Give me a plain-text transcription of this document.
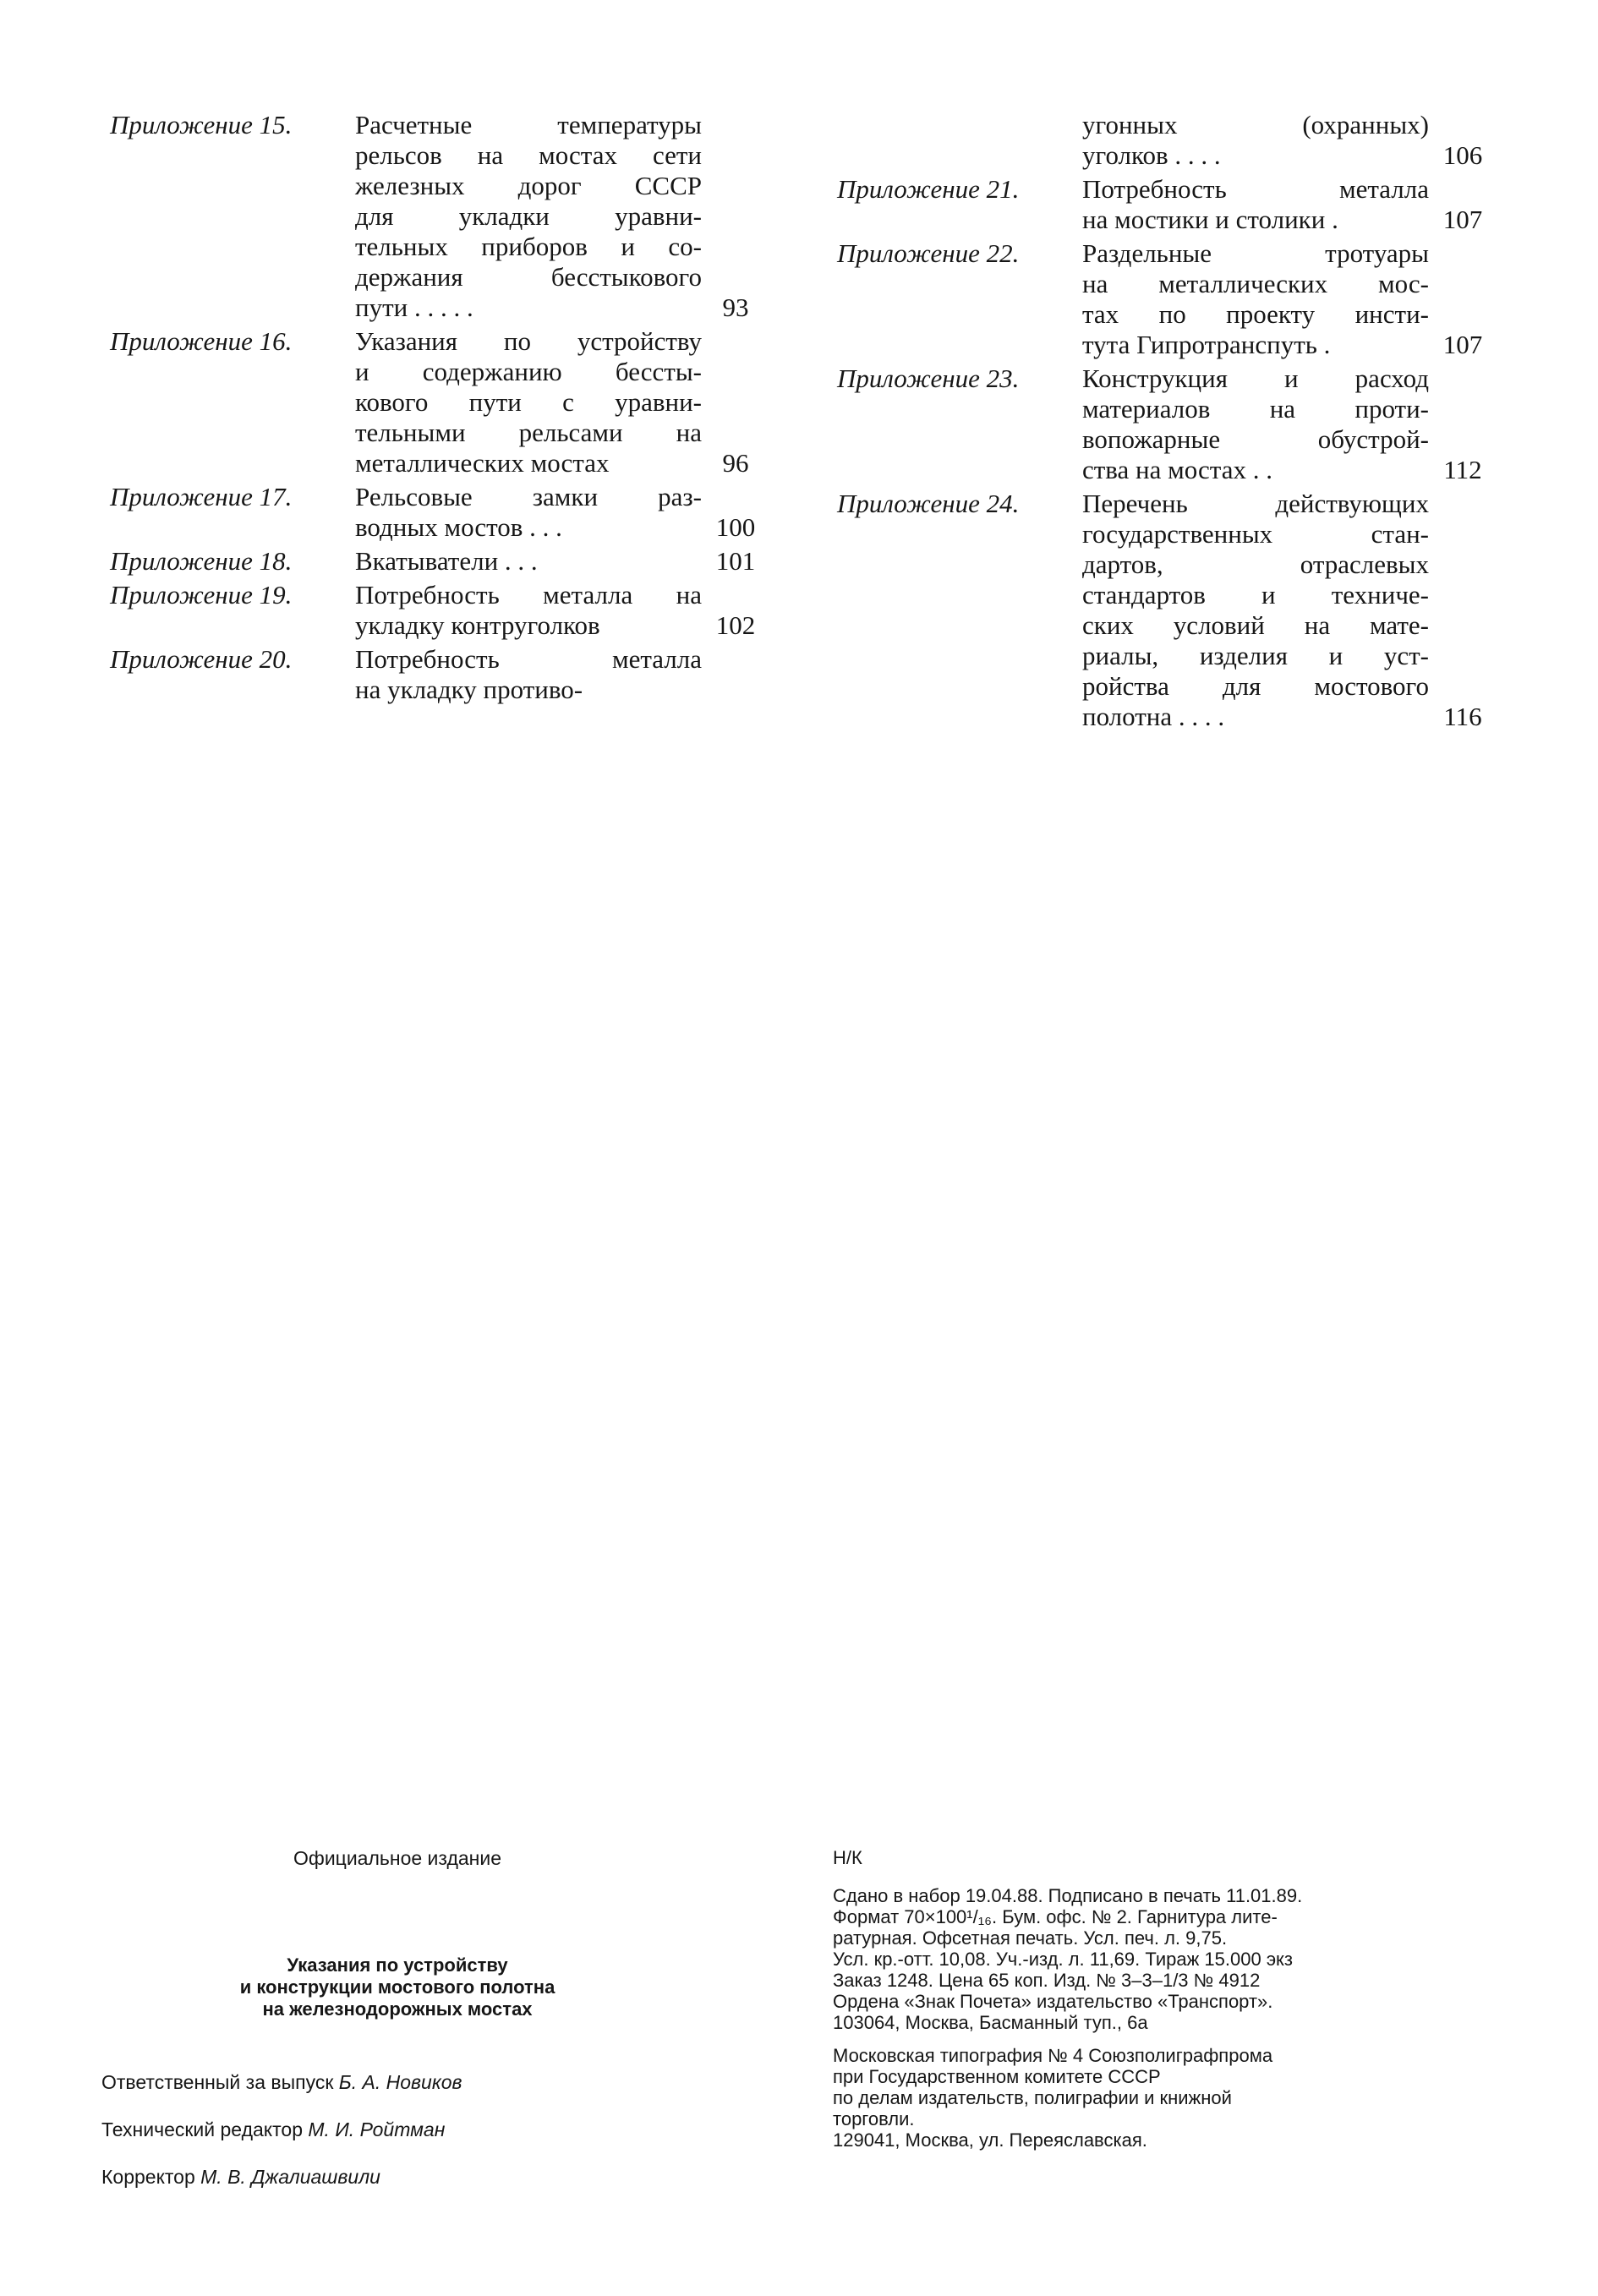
Приложение 15.	Расчетные температуры
рельсов на мостах сети
железных дорог СССР
для укладки уравни-
тельных приборов и со-
держания бесстыкового
пути . . . . .	93
Приложение 16.	Указания по устройству
и содержанию бессты-
кового пути с уравни-
тельными рельсами на
металлических мостах	96
Приложение 17.	Рельсовые замки раз-
водных мостов . . .	100
Приложение 18.	Вкатыватели . . .	101
Приложение 19.	Потребность металла на
укладку контруголков	102
Приложение 20.	Потребность металла
на укладку противо-
угонных (охранных)
уголков . . . .	106
Приложение 21.	Потребность металла
на мостики и столики .	107
Приложение 22.	Раздельные тротуары
на металлических мос-
тах по проекту инсти-
тута Гипротранспуть .	107
Приложение 23.	Конструкция и расход
материалов на проти-
вопожарные обустрой-
ства на мостах . .	112
Приложение 24.	Перечень действующих
государственных стан-
дартов, отраслевых
стандартов и техниче-
ских условий на мате-
риалы, изделия и уст-
ройства для мостового
полотна . . . .	116
Официальное издание
Указания по устройству
и конструкции мостового полотна
на железнодорожных мостах
Ответственный за выпуск Б. А. Новиков
Технический редактор М. И. Ройтман
Корректор М. В. Джалиашвили
Н/К
Сдано в набор 19.04.88. Подписано в печать 11.01.89.
Формат 70×100¹/₁₆. Бум. офс. № 2. Гарнитура лите-
ратурная. Офсетная печать. Усл. печ. л. 9,75.
Усл. кр.-отт. 10,08. Уч.-изд. л. 11,69. Тираж 15.000 экз
Заказ 1248. Цена 65 коп. Изд. № 3–3–1/3 № 4912
Ордена «Знак Почета» издательство «Транспорт».
103064, Москва, Басманный туп., 6а
Московская типография № 4 Союзполиграфпрома
при Государственном комитете СССР
по делам издательств, полиграфии и книжной
торговли.
129041, Москва, ул. Переяславская.
